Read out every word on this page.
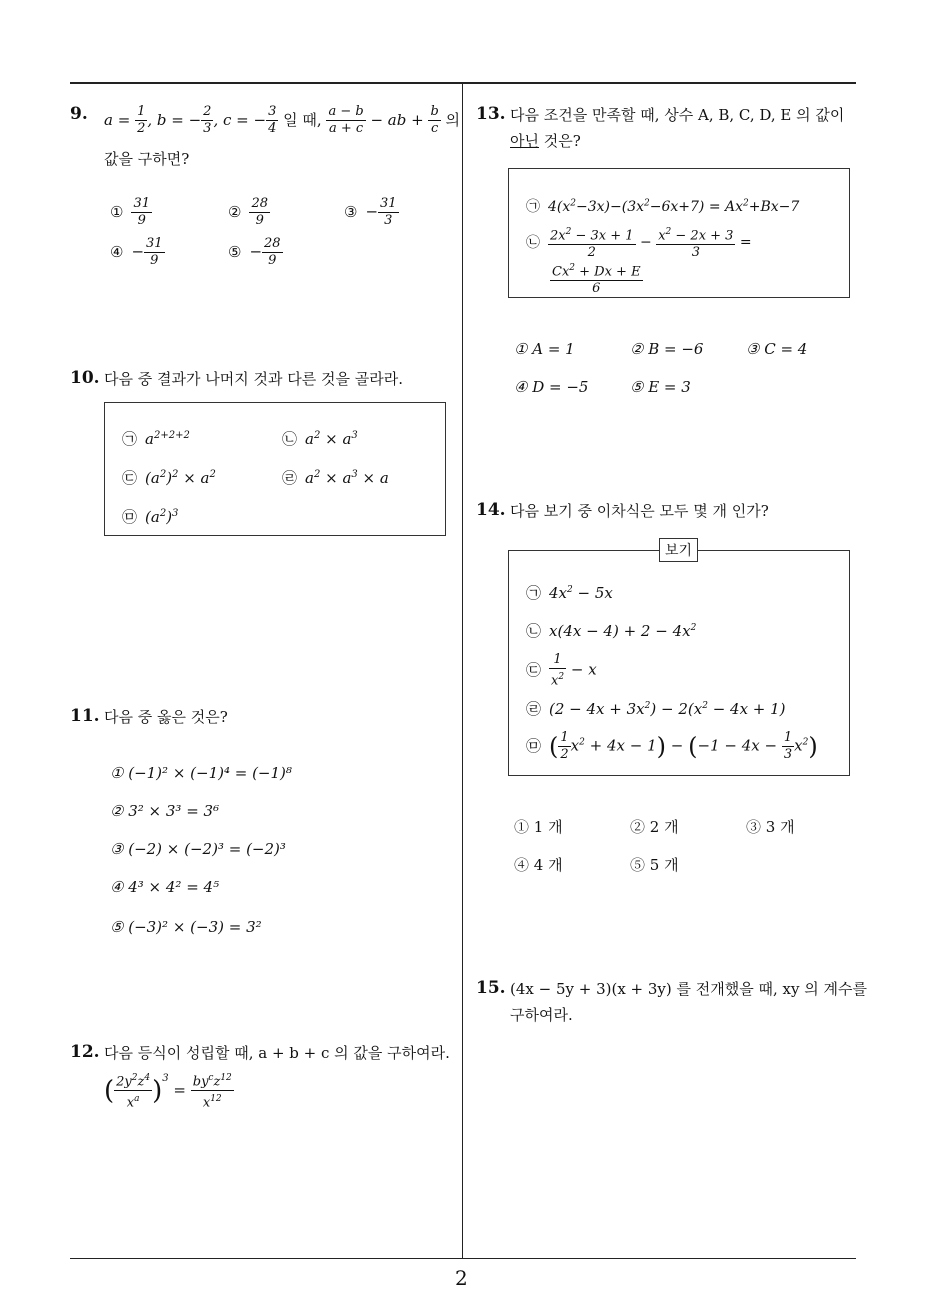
2
9. $a = \frac{1}{2}$ , b = − $\frac{2}{3}$ , c = − $\frac{3}{4}$ 일 때, $\frac{a - b}{a + c}$ − ab + $\frac{b}{c}$ 의
값을 구하면?
① $\frac{31}{9}$	② $\frac{28}{9}$	③ − $\frac{31}{3}$
④ − $\frac{31}{9}$	⑤ − $\frac{28}{9}$
10. 다음 중 결과가 나머지 것과 다른 것을 골라라.
㉠ $a^{2+2+2}$	㉡ $a^2 \times a^3$
㉢ $(a^2)^2 \times a^2$	㉣ $a^2 \times a^3 \times a$
㉤ $(a^2)^3$
11. 다음 중 옳은 것은?
① (−1)² × (−1)⁴ = (−1)⁸
② 3² × 3³ = 3⁶
③ (−2) × (−2)³ = (−2)³
④ 4³ × 4² = 4⁵
⑤ (−3)² × (−3) = 3²
12. 다음 등식이 성립할 때, a + b + c 의 값을 구하여라.
( $\frac{2y^2z^4}{x^a} )^3 = \frac{by^cz^{12}}{x^{12}}$
13. 다음 조건을 만족할 때, 상수 A, B, C, D, E 의 값이
아닌 것은?
㉠ $4(x^2-3x)-(3x^2-6x+7) = Ax^2+Bx-7$
㉡ $\frac{2x^2 - 3x + 1}{2} - \frac{x^2 - 2x + 3}{3}$ =
$\frac{Cx^2 + Dx + E}{6}$
① A = 1	② B = −6	③ C = 4
④ D = −5	⑤ E = 3
14. 다음 보기 중 이차식은 모두 몇 개 인가?
보기
㉠ $4x^2 - 5x$
㉡ $x(4x - 4) + 2 - 4x^2$
㉢ $\frac{1}{x^2} - x$
㉣ $(2 - 4x + 3x^2) - 2(x^2 - 4x + 1)$
㉤ ( $\frac{1}{2} x^2 + 4x - 1) - (-1 - 4x - \frac{1}{3} x^2)$
① 1 개	② 2 개	③ 3 개
④ 4 개	⑤ 5 개
15. (4x − 5y + 3)(x + 3y) 를 전개했을 때, xy 의 계수를
구하여라.
